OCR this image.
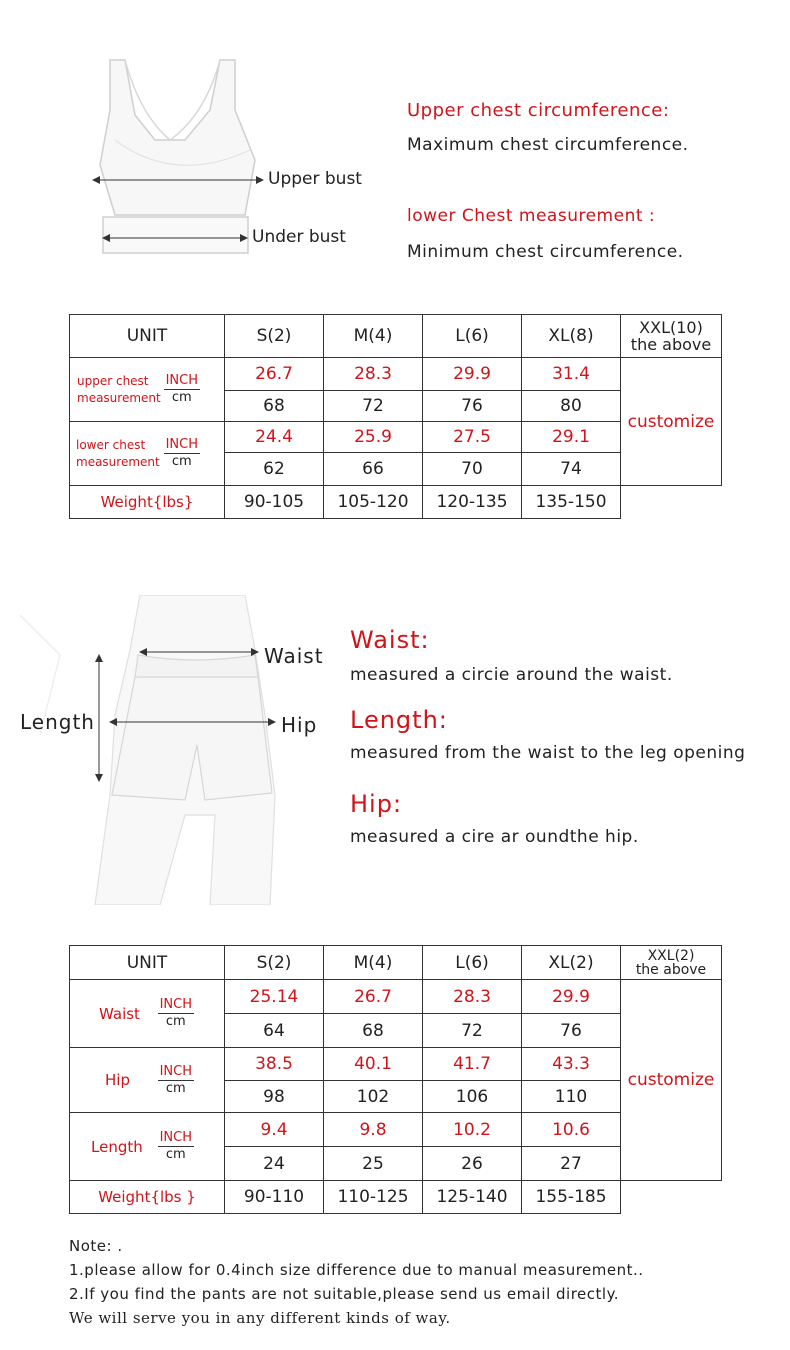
Upper bust
Under bust
Upper chest circumference:
Maximum chest circumference.
lower Chest measurement :
Minimum chest circumference.
UNIT	S(2)	M(4)	L(6)	XL(8)	XXL(10)
the above

upper chest
measurement
INCH
cm	26.7	28.3	29.9	31.4	customize
	68	72	76	80	

lower chest
measurement
INCH
cm	24.4	25.9	27.5	29.1	
	62	66	70	74	
Weight{lbs}	90-105	105-120	120-135	135-150	
Waist
Hip
Length
Waist:
measured a circie around the waist.
Length:
measured from the waist to the leg opening
Hip:
measured a cire ar oundthe hip.
UNIT	S(2)	M(4)	L(6)	XL(2)	XXL(2)
the above

Waist INCH
cm	25.14	26.7	28.3	29.9	customize
	64	68	72	76	

Hip INCH
cm	38.5	40.1	41.7	43.3	
	98	102	106	110	

Length INCH
cm	9.4	9.8	10.2	10.6	
	24	25	26	27	
Weight{lbs }	90-110	110-125	125-140	155-185	
Note: .
1.please allow for 0.4inch size difference due to manual measurement..
2.If you find the pants are not suitable,please send us email directly.
We will serve you in any different kinds of way.
